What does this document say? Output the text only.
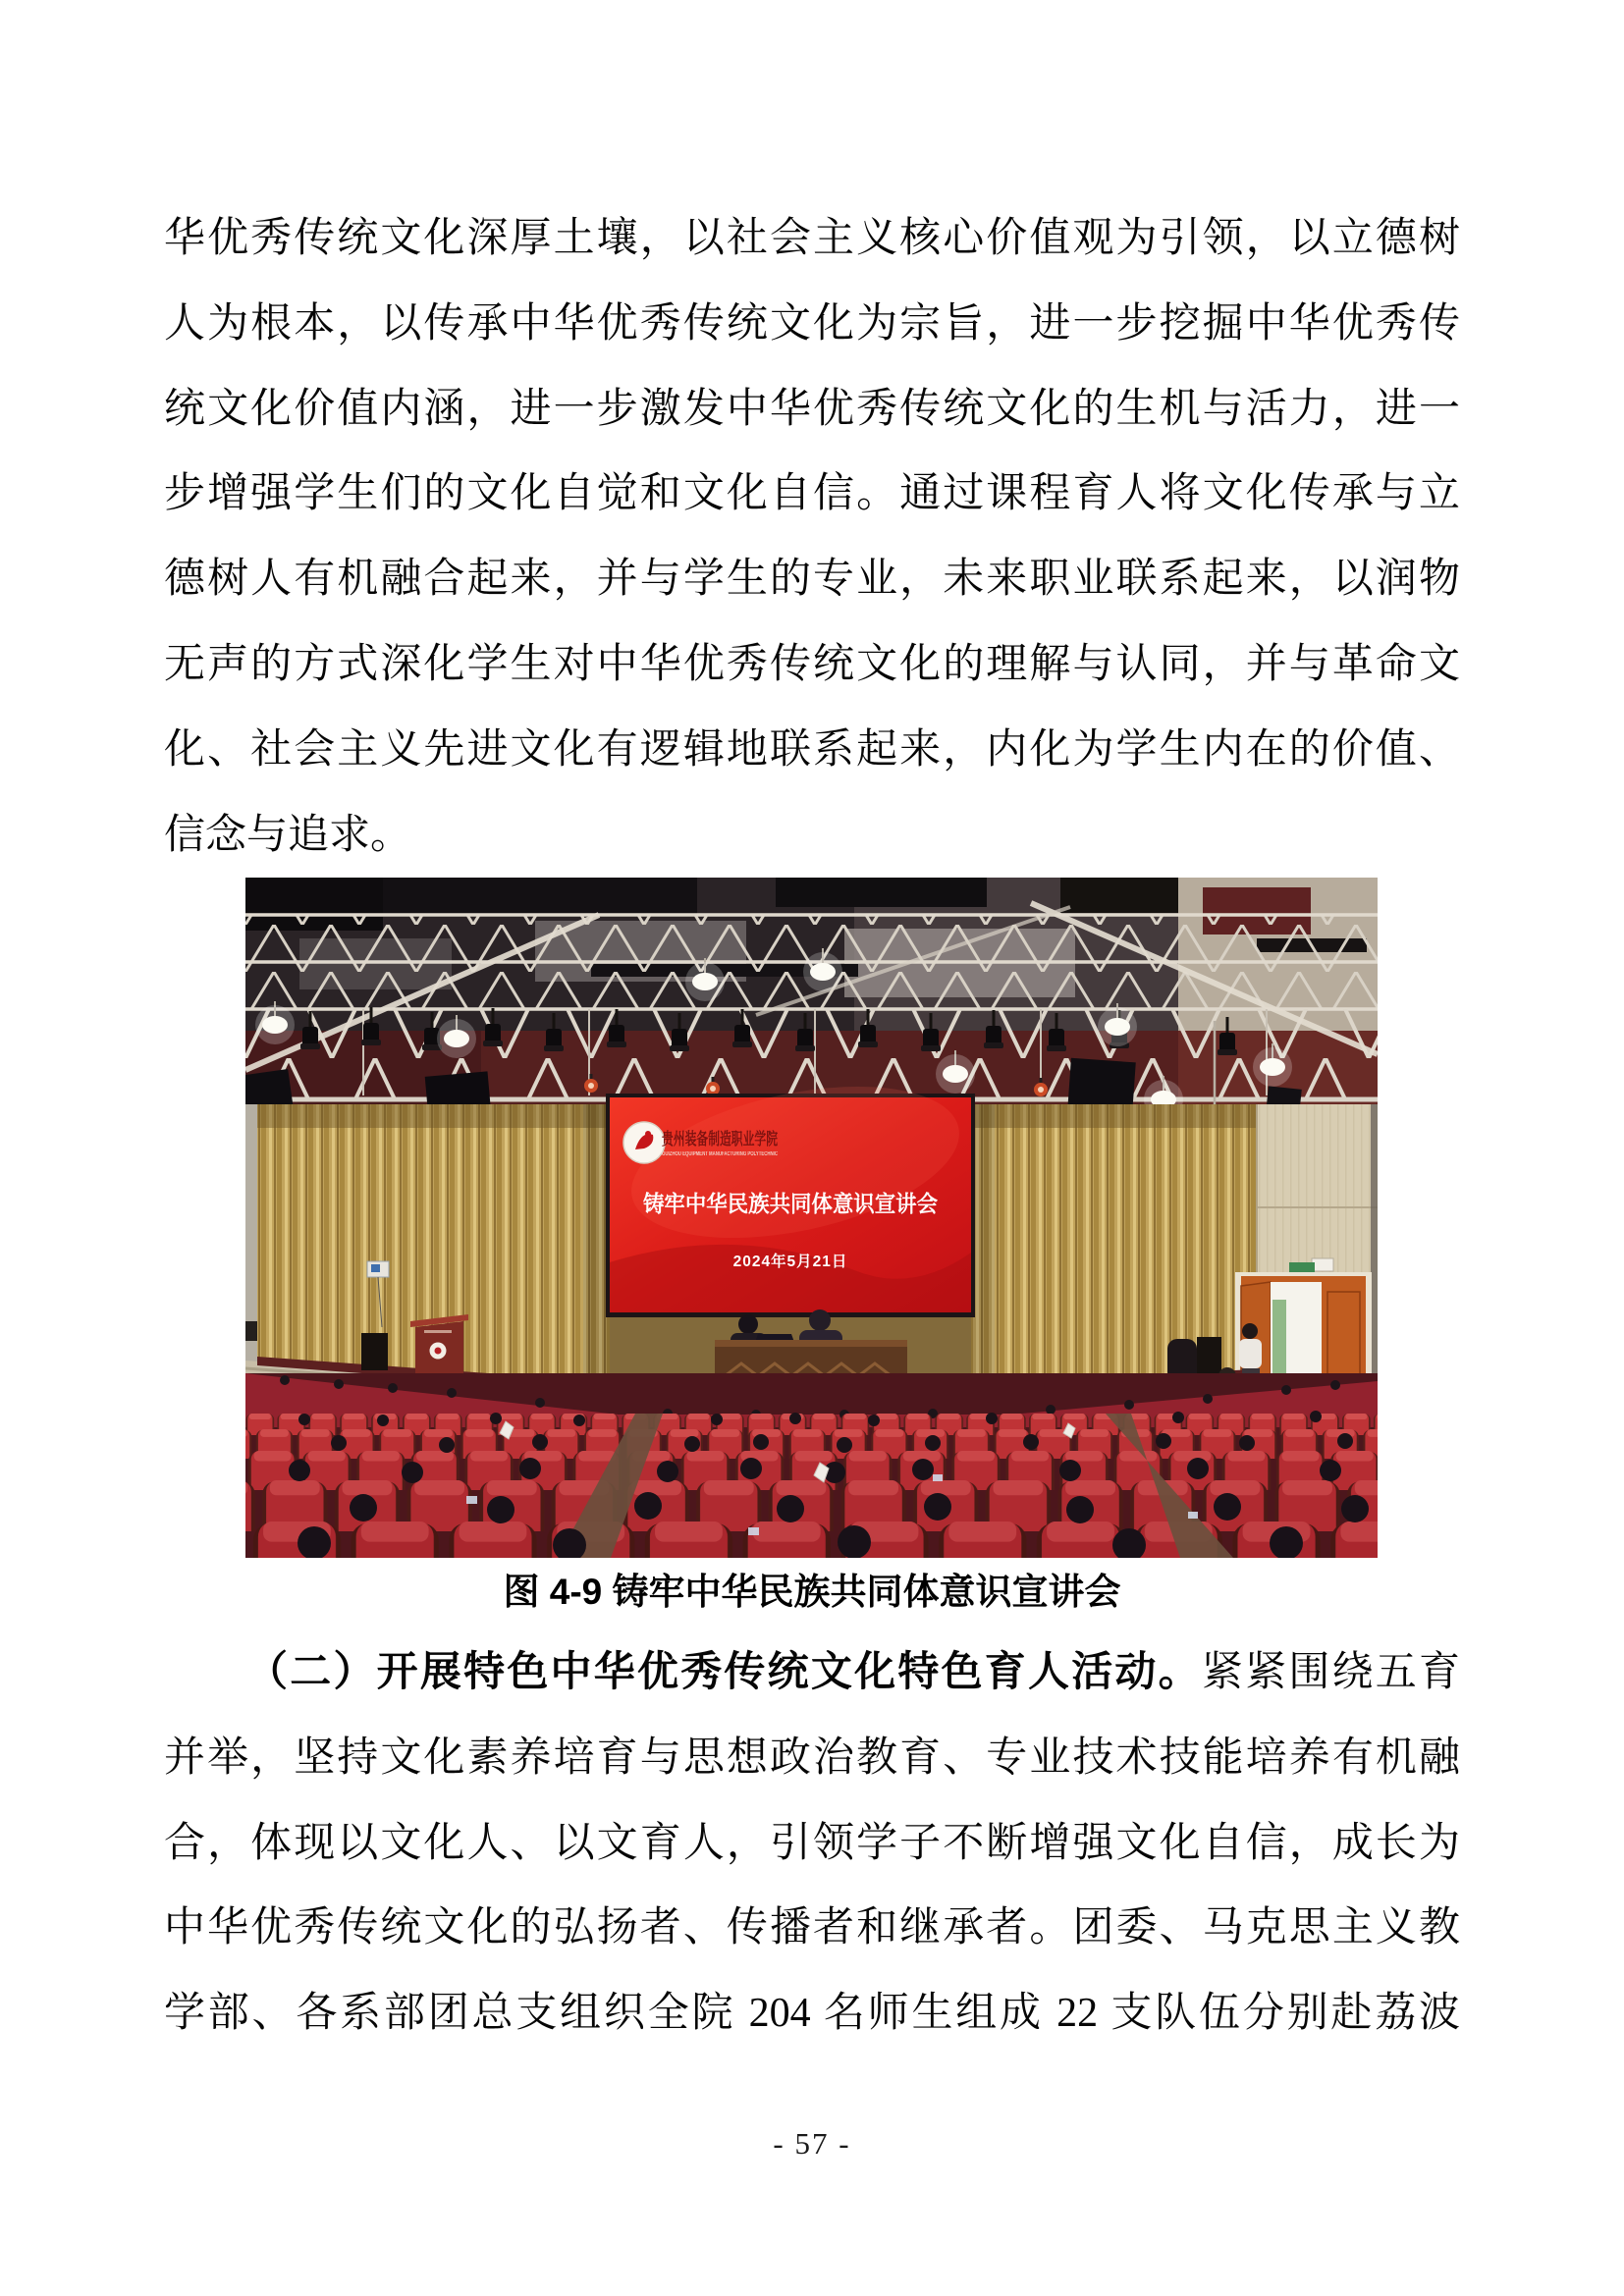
华优秀传统文化深厚土壤，以社会主义核心价值观为引领，以立德树
人为根本，以传承中华优秀传统文化为宗旨，进一步挖掘中华优秀传
统文化价值内涵，进一步激发中华优秀传统文化的生机与活力，进一
步增强学生们的文化自觉和文化自信。通过课程育人将文化传承与立
德树人有机融合起来，并与学生的专业，未来职业联系起来，以润物
无声的方式深化学生对中华优秀传统文化的理解与认同，并与革命文
化、社会主义先进文化有逻辑地联系起来，内化为学生内在的价值、
信念与追求。
贵州装备制造职业学院
GUIZHOU EQUIPMENT MANUFACTURING POLYTECHNIC
铸牢中华民族共同体意识宣讲会
2024年5月21日
图 4-9 铸牢中华民族共同体意识宣讲会
（二）开展特色中华优秀传统文化特色育人活动。紧紧围绕五育
并举，坚持文化素养培育与思想政治教育、专业技术技能培养有机融
合，体现以文化人、以文育人，引领学子不断增强文化自信，成长为
中华优秀传统文化的弘扬者、传播者和继承者。团委、马克思主义教
学部、各系部团总支组织全院 204 名师生组成 22 支队伍分别赴荔波
- 57 -
